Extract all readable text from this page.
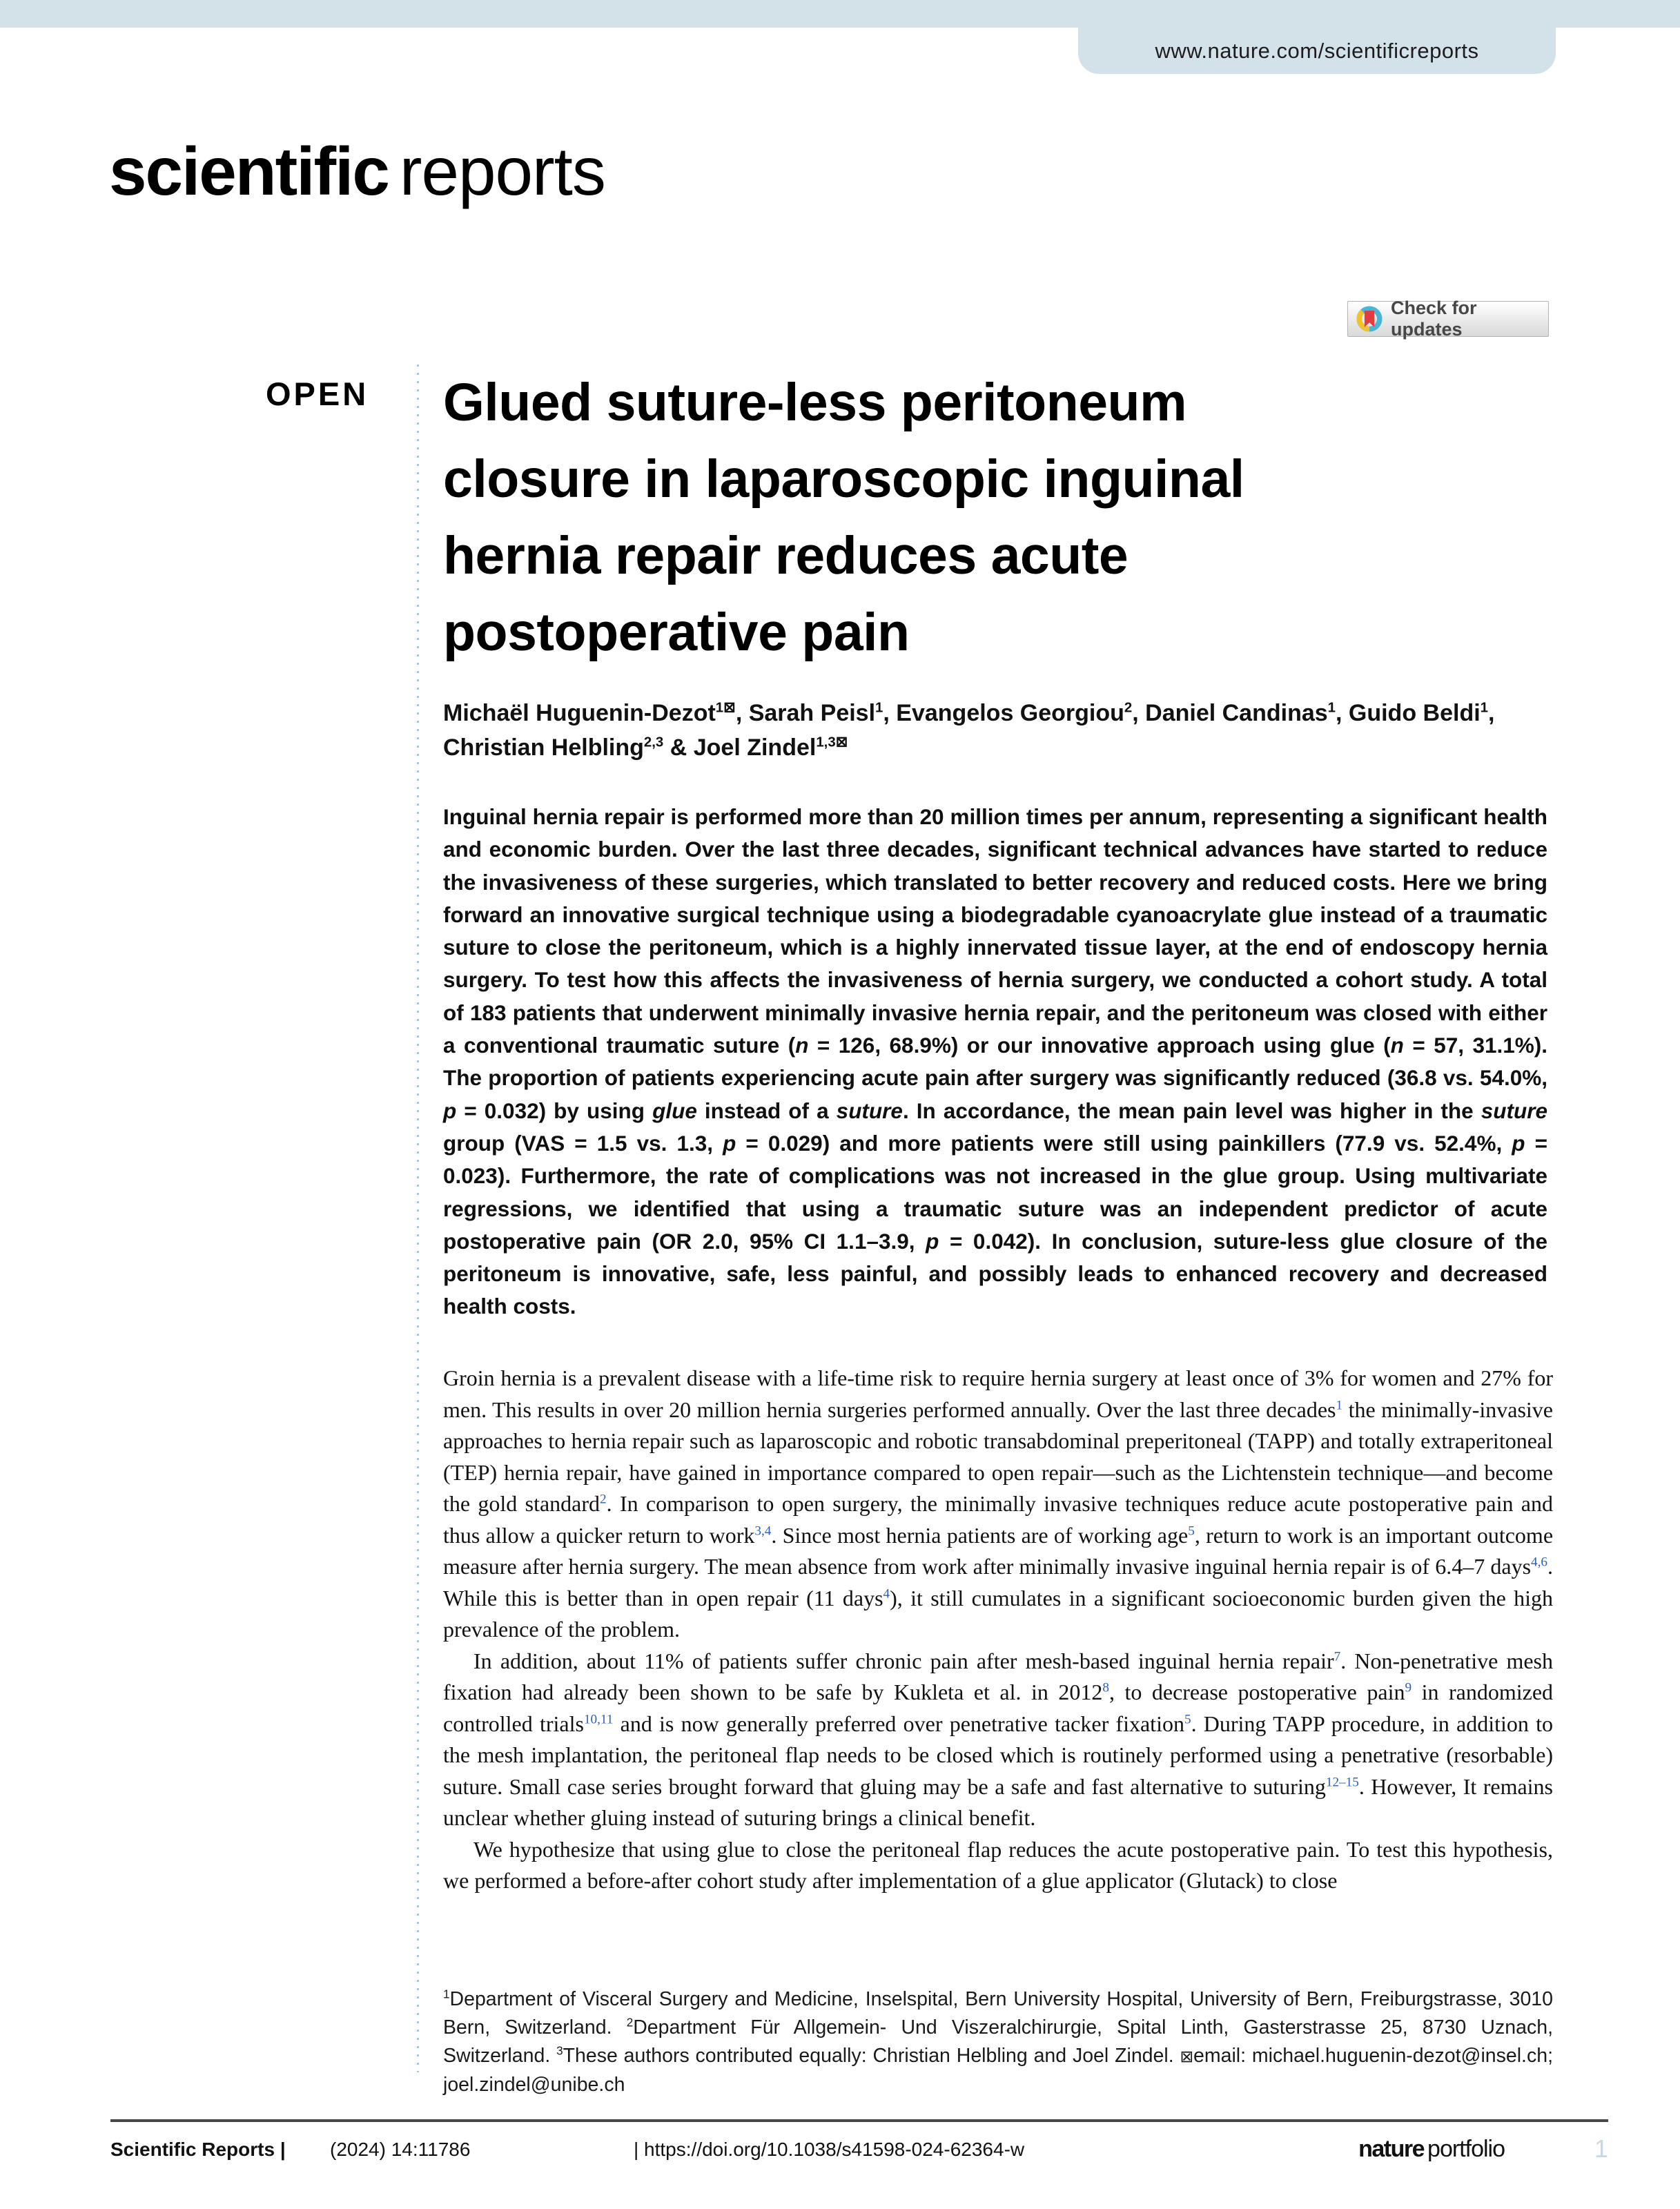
www.nature.com/scientificreports
scientific reports
Check for updates
OPEN Glued suture-less peritoneum
closure in laparoscopic inguinal
hernia repair reduces acute
postoperative pain
Michaël Huguenin-Dezot$^{1⊠}$, Sarah Peisl$^1$, Evangelos Georgiou$^2$, Daniel Candinas$^1$, Guido Beldi$^1$, Christian Helbling$^{2,3}$ & Joel Zindel$^{1,3⊠}$
Inguinal hernia repair is performed more than 20 million times per annum, representing a significant health and economic burden. Over the last three decades, significant technical advances have started to reduce the invasiveness of these surgeries, which translated to better recovery and reduced costs. Here we bring forward an innovative surgical technique using a biodegradable cyanoacrylate glue instead of a traumatic suture to close the peritoneum, which is a highly innervated tissue layer, at the end of endoscopy hernia surgery. To test how this affects the invasiveness of hernia surgery, we conducted a cohort study. A total of 183 patients that underwent minimally invasive hernia repair, and the peritoneum was closed with either a conventional traumatic suture (n = 126, 68.9%) or our innovative approach using glue (n = 57, 31.1%). The proportion of patients experiencing acute pain after surgery was significantly reduced (36.8 vs. 54.0%, p = 0.032) by using glue instead of a suture. In accordance, the mean pain level was higher in the suture group (VAS = 1.5 vs. 1.3, p = 0.029) and more patients were still using painkillers (77.9 vs. 52.4%, p = 0.023). Furthermore, the rate of complications was not increased in the glue group. Using multivariate regressions, we identified that using a traumatic suture was an independent predictor of acute postoperative pain (OR 2.0, 95% CI 1.1–3.9, p = 0.042). In conclusion, suture-less glue closure of the peritoneum is innovative, safe, less painful, and possibly leads to enhanced recovery and decreased health costs.

Groin hernia is a prevalent disease with a life-time risk to require hernia surgery at least once of 3% for women and 27% for men. This results in over 20 million hernia surgeries performed annually. Over the last three decades$^1$ the minimally-invasive approaches to hernia repair such as laparoscopic and robotic transabdominal preperitoneal (TAPP) and totally extraperitoneal (TEP) hernia repair, have gained in importance compared to open repair—such as the Lichtenstein technique—and become the gold standard$^2$. In comparison to open surgery, the minimally invasive techniques reduce acute postoperative pain and thus allow a quicker return to work$^{3,4}$. Since most hernia patients are of working age$^5$, return to work is an important outcome measure after hernia surgery. The mean absence from work after minimally invasive inguinal hernia repair is of 6.4–7 days$^{4,6}$. While this is better than in open repair (11 days$^4$), it still cumulates in a significant socioeconomic burden given the high prevalence of the problem.

In addition, about 11% of patients suffer chronic pain after mesh-based inguinal hernia repair$^7$. Non-penetrative mesh fixation had already been shown to be safe by Kukleta et al. in 2012$^8$, to decrease postoperative pain$^9$ in randomized controlled trials$^{10,11}$ and is now generally preferred over penetrative tacker fixation$^5$. During TAPP procedure, in addition to the mesh implantation, the peritoneal flap needs to be closed which is routinely performed using a penetrative (resorbable) suture. Small case series brought forward that gluing may be a safe and fast alternative to suturing$^{12-15}$. However, It remains unclear whether gluing instead of suturing brings a clinical benefit.

We hypothesize that using glue to close the peritoneal flap reduces the acute postoperative pain. To test this hypothesis, we performed a before-after cohort study after implementation of a glue applicator (Glutack) to close

$^1$Department of Visceral Surgery and Medicine, Inselspital, Bern University Hospital, University of Bern, Freiburgstrasse, 3010 Bern, Switzerland. $^2$Department Für Allgemein- Und Viszeralchirurgie, Spital Linth, Gasterstrasse 25, 8730 Uznach, Switzerland. $^3$These authors contributed equally: Christian Helbling and Joel Zindel. ⊠email: michael.huguenin-dezot@insel.ch; joel.zindel@unibe.ch
Scientific Reports | (2024) 14:11786	| https://doi.org/10.1038/s41598-024-62364-w	nature portfolio	1
